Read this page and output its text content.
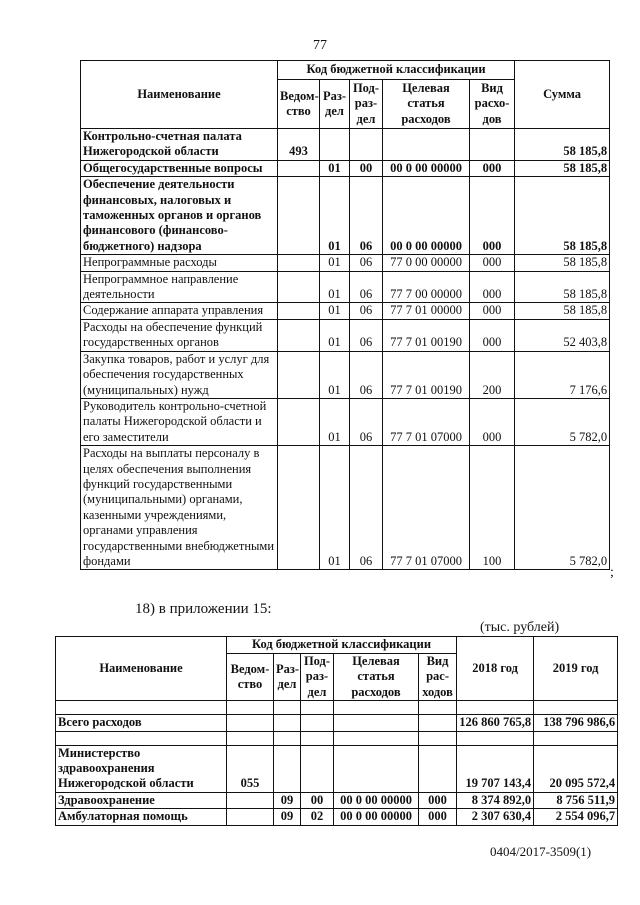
77
Наименование	Код бюджетной классификации					Сумма
	Ведом-ство	Раз-дел	Под-раз-дел	Целевая статья расходов	Вид расхо-дов	
Контрольно-счетная палата Нижегородской области	493					58 185,8
Общегосударственные вопросы		01	00	00 0 00 00000	000	58 185,8
Обеспечение деятельности финансовых, налоговых и таможенных органов и органов финансового (финансово-бюджетного) надзора		01	06	00 0 00 00000	000	58 185,8
Непрограммные расходы		01	06	77 0 00 00000	000	58 185,8
Непрограммное направление деятельности		01	06	77 7 00 00000	000	58 185,8
Содержание аппарата управления		01	06	77 7 01 00000	000	58 185,8
Расходы на обеспечение функций государственных органов		01	06	77 7 01 00190	000	52 403,8
Закупка товаров, работ и услуг для обеспечения государственных (муниципальных) нужд		01	06	77 7 01 00190	200	7 176,6
Руководитель контрольно-счетной палаты Нижегородской области и его заместители		01	06	77 7 01 07000	000	5 782,0
Расходы на выплаты персоналу в целях обеспечения выполнения функций государственными (муниципальными) органами, казенными учреждениями, органами управления государственными внебюджетными фондами		01	06	77 7 01 07000	100	5 782,0
;
18) в приложении 15:
(тыс. рублей)
Наименование	Код бюджетной классификации					2018 год	2019 год
	Ведом-ство	Раз-дел	Под-раз-дел	Целевая статья расходов	Вид рас-ходов		

Всего расходов						126 860 765,8	138 796 986,6

Министерство здравоохранения Нижегородской области	055					19 707 143,4	20 095 572,4
Здравоохранение		09	00	00 0 00 00000	000	8 374 892,0	8 756 511,9
Амбулаторная помощь		09	02	00 0 00 00000	000	2 307 630,4	2 554 096,7
0404/2017-3509(1)
